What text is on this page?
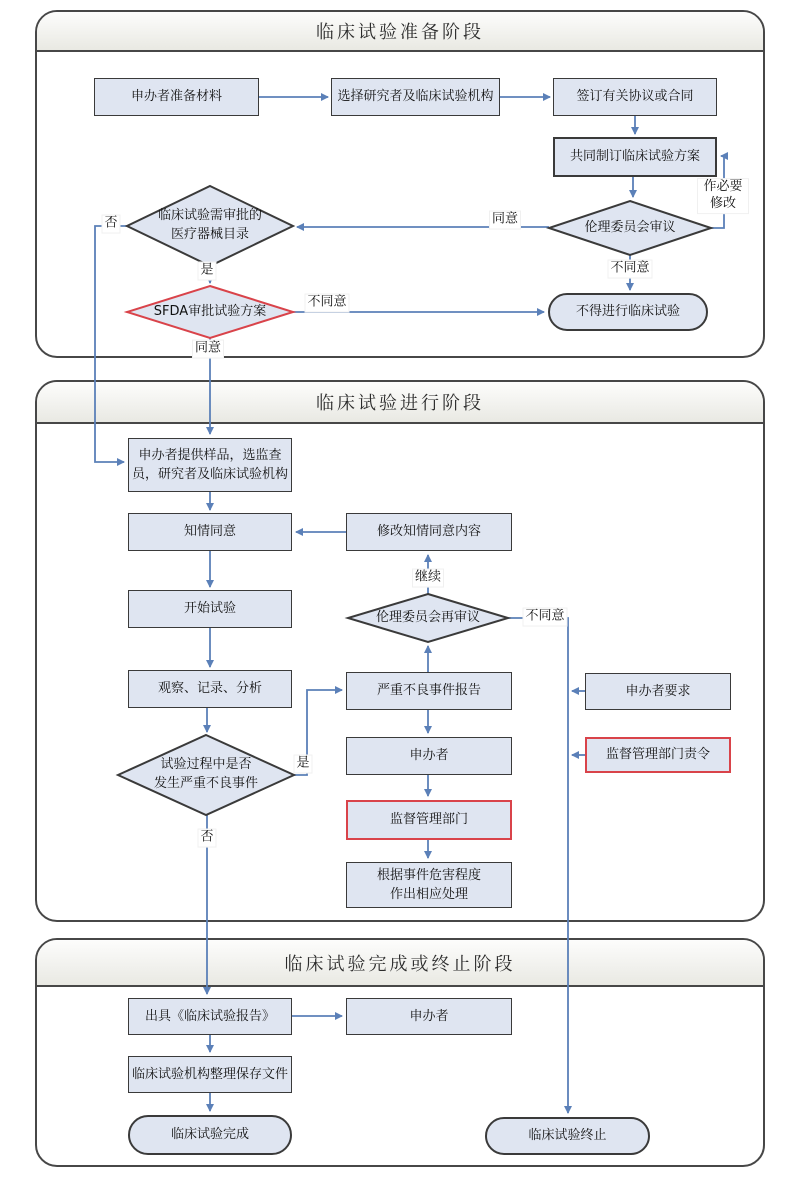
临床试验准备阶段
临床试验进行阶段
临床试验完成或终止阶段
申办者准备材料	选择研究者及临床试验机构	签订有关协议或合同
共同制订临床试验方案
不得进行临床试验
临床试验需审批的
医疗器械目录
SFDA审批试验方案
伦理委员会审议
申办者提供样品，选监查
员，研究者及临床试验机构
知情同意	修改知情同意内容
开始试验
观察、记录、分析	严重不良事件报告
申办者
监督管理部门
根据事件危害程度
作出相应处理
申办者要求
监督管理部门责令
伦理委员会再审议
试验过程中是否
发生严重不良事件
出具《临床试验报告》	申办者
临床试验机构整理保存文件
临床试验完成	临床试验终止
作必要
修改
同意
不同意
否
是
不同意
同意
继续
不同意
是
否
